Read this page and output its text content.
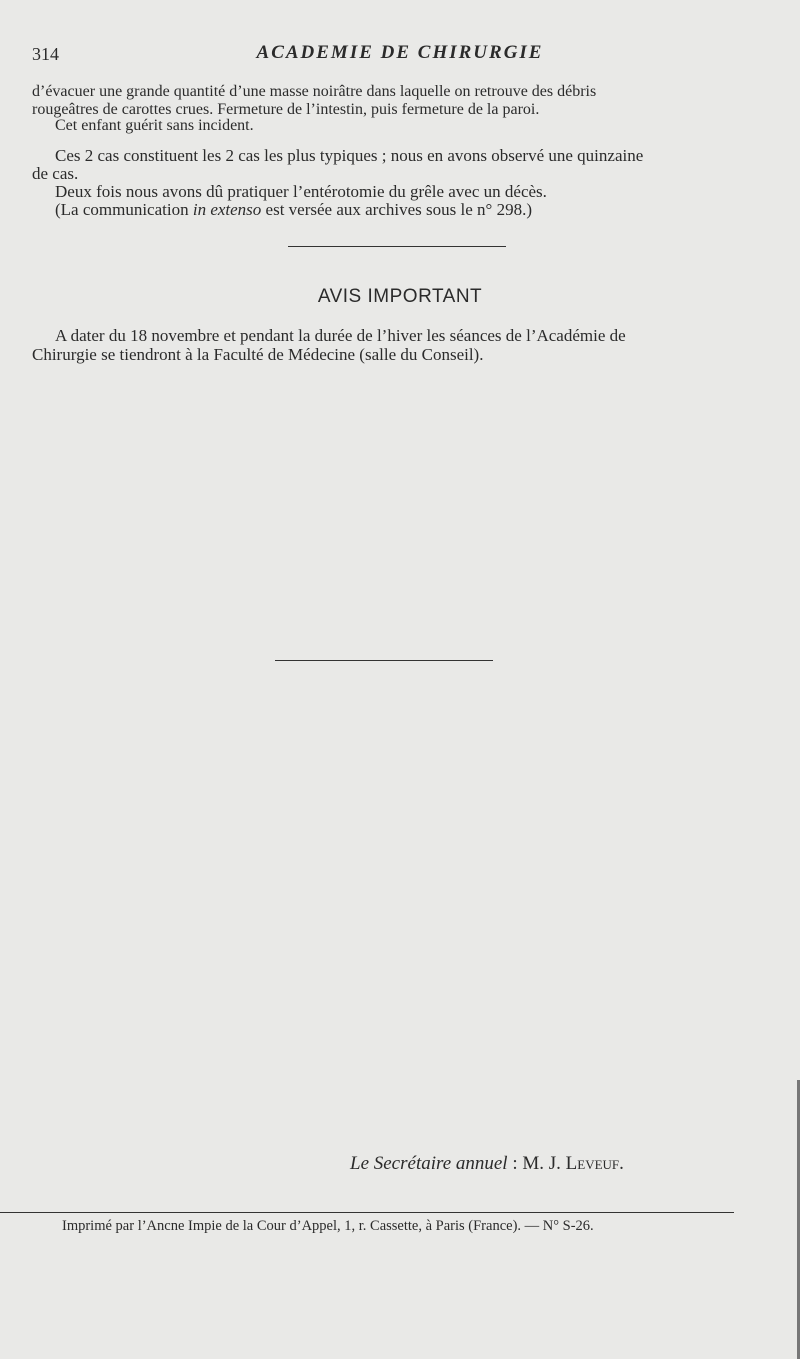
314	ACADEMIE DE CHIRURGIE
d’évacuer une grande quantité d’une masse noirâtre dans laquelle on retrouve des débris
rougeâtres de carottes crues. Fermeture de l’intestin, puis fermeture de la paroi.
Cet enfant guérit sans incident.
Ces 2 cas constituent les 2 cas les plus typiques ; nous en avons observé une quinzaine
de cas.
Deux fois nous avons dû pratiquer l’entérotomie du grêle avec un décès.
(La communication in extenso est versée aux archives sous le n° 298.)
AVIS IMPORTANT
A dater du 18 novembre et pendant la durée de l’hiver les séances de l’Académie de
Chirurgie se tiendront à la Faculté de Médecine (salle du Conseil).
Le Secrétaire annuel : M. J. Leveuf.
Imprimé par l’Ancne Impie de la Cour d’Appel, 1, r. Cassette, à Paris (France). — N° S-26.
